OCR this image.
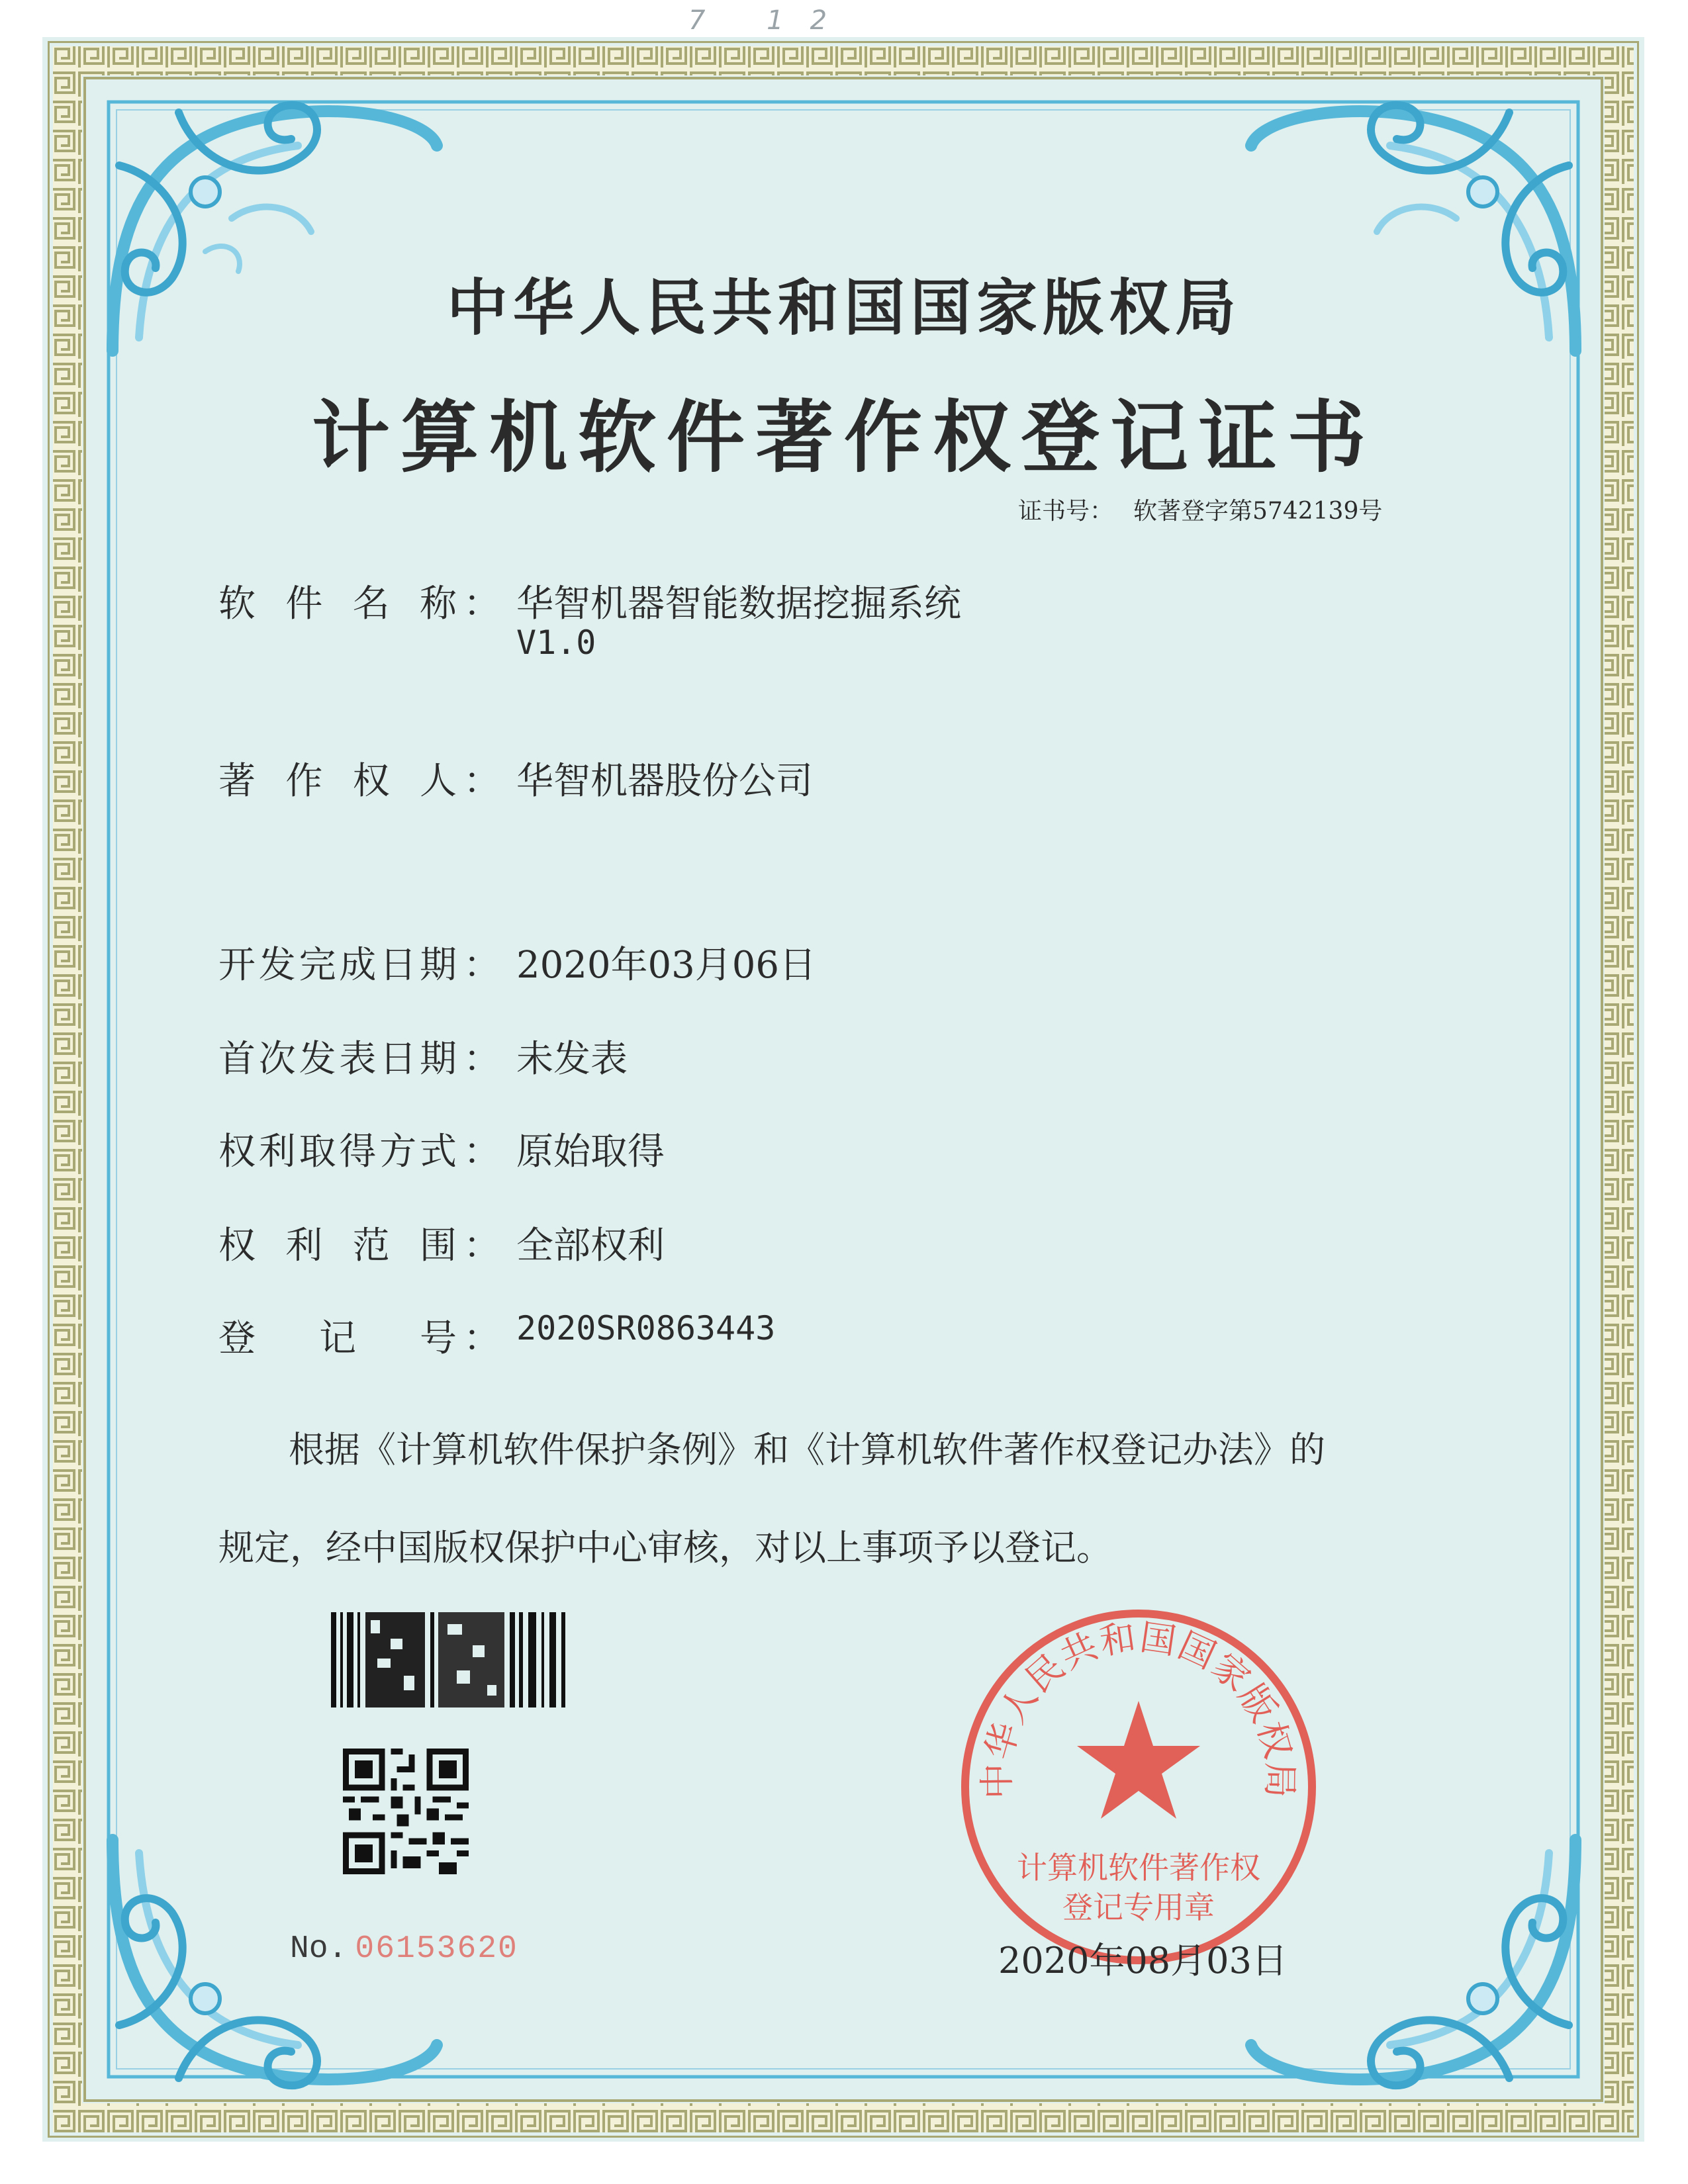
7 12
中华人民共和国国家版权局
计算机软件著作权登记证书
证书号： 软著登字第5742139号
软 件 名 称 ： 华智机器智能数据挖掘系统
V1.0
著 作 权 人 ： 华智机器股份公司
开 发 完 成 日 期 ： 2020年03月06日
首 次 发 表 日 期 ： 未发表
权 利 取 得 方 式 ： 原始取得
权 利 范 围 ： 全部权利
登 记 号 ： 2020SR0863443
根据《计算机软件保护条例》和《计算机软件著作权登记办法》的
规定，经中国版权保护中心审核，对以上事项予以登记。
No. 06153620
中华人民共和国国家版权局
计算机软件著作权
登记专用章
2020年08月03日
